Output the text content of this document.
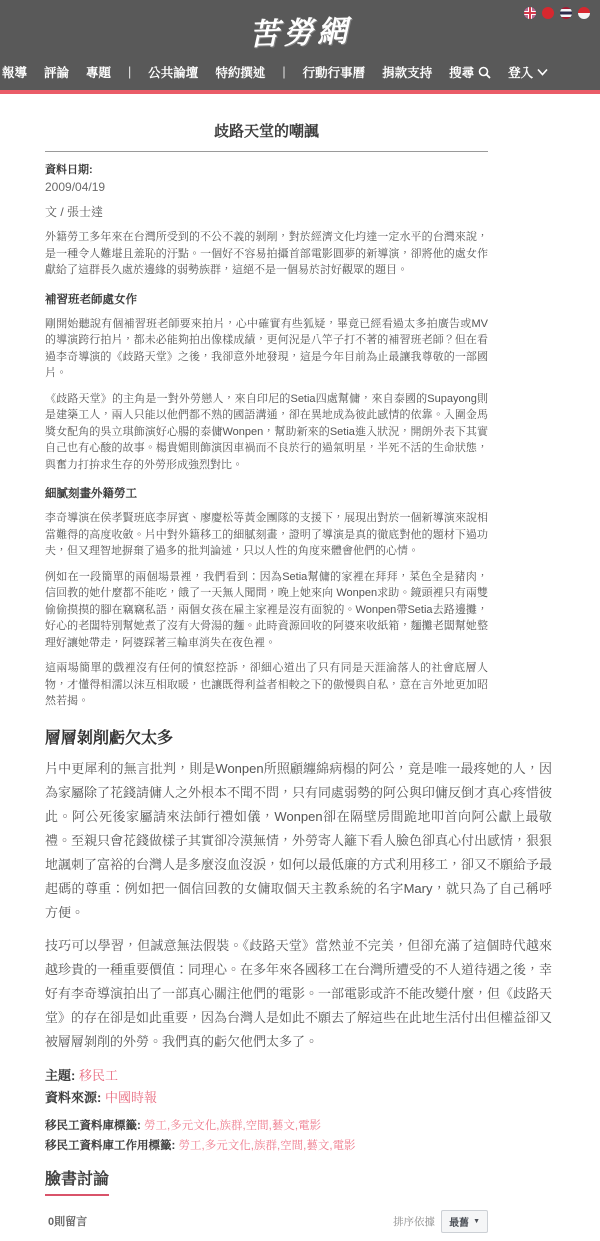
苦勞網
報導 評論 專題 | 公共論壇 特約撰述 | 行動行事曆 捐款支持 搜尋	登入
歧路天堂的嘲諷
資料日期:
2009/04/19
文 / 張士達

外籍勞工多年來在台灣所受到的不公不義的剝削，對於經濟文化均達一定水平的台灣來說，是一種令人難堪且羞恥的汙點。一個好不容易拍攝首部電影圓夢的新導演，卻將他的處女作獻給了這群長久處於邊緣的弱勢族群，這絕不是一個易於討好觀眾的題目。

補習班老師處女作

剛開始聽說有個補習班老師要來拍片，心中確實有些狐疑，畢竟已經看過太多拍廣告或MV的導演跨行拍片，都未必能夠拍出像樣成績，更何況是八竿子打不著的補習班老師？但在看過李奇導演的《歧路天堂》之後，我卻意外地發現，這是今年目前為止最讓我尊敬的一部國片。

《歧路天堂》的主角是一對外勞戀人，來自印尼的Setia四處幫傭，來自泰國的Supayong則是建築工人，兩人只能以他們都不熟的國語溝通，卻在異地成為彼此感情的依靠。入圍金馬獎女配角的吳立琪飾演好心腸的泰傭Wonpen，幫助新來的Setia進入狀況，開朗外表下其實自己也有心酸的故事。楊貴媚則飾演因車禍而不良於行的過氣明星，半死不活的生命狀態，與奮力打拚求生存的外勞形成強烈對比。

細膩刻畫外籍勞工

李奇導演在侯孝賢班底李屏賓、廖慶松等黃金團隊的支援下，展現出對於一個新導演來說相當難得的高度收斂。片中對外籍移工的細膩刻畫，證明了導演是真的徹底對他的題材下過功夫，但又理智地摒棄了過多的批判論述，只以人性的角度來體會他們的心情。

例如在一段簡單的兩個場景裡，我們看到：因為Setia幫傭的家裡在拜拜，菜色全是豬肉，信回教的她什麼都不能吃，餓了一天無人聞問，晚上她來向 Wonpen求助。鏡頭裡只有兩雙偷偷摸摸的腳在竊竊私語，兩個女孩在雇主家裡是沒有面貌的。Wonpen帶Setia去路邊攤，好心的老闆特別幫她煮了沒有大骨湯的麵。此時資源回收的阿婆來收紙箱，麵攤老闆幫她整理好讓她帶走，阿婆踩著三輪車消失在夜色裡。

這兩場簡單的戲裡沒有任何的憤怒控訴，卻細心道出了只有同是天涯淪落人的社會底層人物，才懂得相濡以沫互相取暖，也讓既得利益者相較之下的傲慢與自私，意在言外地更加昭然若揭。

層層剝削虧欠太多

片中更犀利的無言批判，則是Wonpen所照顧纏綿病榻的阿公，竟是唯一最疼她的人，因為家屬除了花錢請傭人之外根本不聞不問，只有同處弱勢的阿公與印傭反倒才真心疼惜彼此。阿公死後家屬請來法師行禮如儀，Wonpen卻在隔壁房間跪地叩首向阿公獻上最敬禮。至親只會花錢做樣子其實卻冷漠無情，外勞寄人籬下看人臉色卻真心付出感情，狠狠地諷刺了富裕的台灣人是多麼沒血沒淚，如何以最低廉的方式利用移工，卻又不願給予最起碼的尊重：例如把一個信回教的女傭取個天主教系統的名字Mary，就只為了自己稱呼方便。

技巧可以學習，但誠意無法假裝。《歧路天堂》當然並不完美，但卻充滿了這個時代越來越珍貴的一種重要價值：同理心。在多年來各國移工在台灣所遭受的不人道待遇之後，幸好有李奇導演拍出了一部真心關注他們的電影。一部電影或許不能改變什麼，但《歧路天堂》的存在卻是如此重要，因為台灣人是如此不願去了解這些在此地生活付出但權益卻又被層層剝削的外勞。我們真的虧欠他們太多了。

主題: 移民工
資料來源: 中國時報
移民工資料庫標籤: 勞工 , 多元文化 , 族群 , 空間 , 藝文 , 電影
移民工資料庫工作用標籤: 勞工 , 多元文化 , 族群 , 空間 , 藝文 , 電影
臉書討論
0則留言	排序依據 最舊 ▼
